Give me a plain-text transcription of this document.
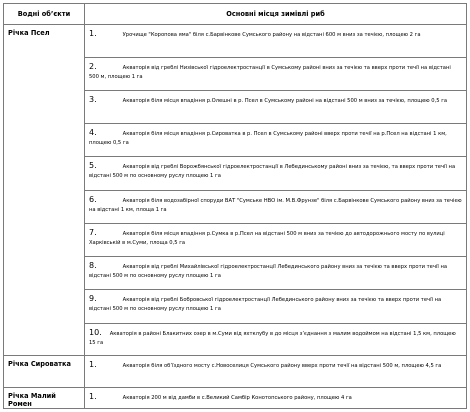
Водні об’єкти	Основні місця зимівлі риб
Річка Псел	1. Урочище "Коропова яма" біля с.Барвінкове Сумського району на відстані 600 м вниз за течією, площею 2 га
	2. Акваторія від греблі Низівської гідроелектростанції в Сумському районі вниз за течією та вверх проти течії на відстані 500 м, площею 1 га
	3. Акваторія біля місця впадіння р.Олешні в р. Псел в Сумському районі на відстані 500 м вниз за течією, площею 0,5 га
	4. Акваторія біля місця впадіння р.Сироватка в р. Псел в Сумському районі вверх проти течії на р.Псел на відстані 1 км, площею 0,5 га
	5. Акваторія від греблі Ворожбянської гідроелектростанції в Лебединському районі вниз за течією, та вверх проти течії на відстані 500 м по основному руслу площею 1 га
	6. Акваторія біля водозабірної споруди ВАТ "Сумське НВО ім. М.В.Фрунзе" біля с.Барвінкове Сумського району вниз за течією на відстані 1 км, площа 1 га
	7. Акваторія біля місця впадіння р.Сумка в р.Псел на відстані 500 м вниз за течією до автодорожнього мосту по вулиці Харківській в м.Суми, площа 0,5 га
	8. Акваторія від греблі Михайлівської гідроелектростанції Лебединського району вниз за течією та вверх проти течії на відстані 500 м по основному руслу площею 1 га
	9. Акваторія від греблі Бобровської гідроелектростанції Лебединського району вниз за течією та вверх проти течії на відстані 500 м по основному руслу площею 1 га
	10. Акваторія в районі Блакитних озер в м.Суми від яхтклубу в до місця з’єднання з малим водоймом на відстані 1,5 км, площею 15 га
Річка Сироватка	1. Акваторія біля об’їздного мосту с.Новоселиця Сумського району вверх проти течії на відстані 500 м, площею 4,5 га
Річка Малий Ромен	1. Акваторія 200 м від дамби в с.Великий Самбір Конотопського району, площею 4 га
